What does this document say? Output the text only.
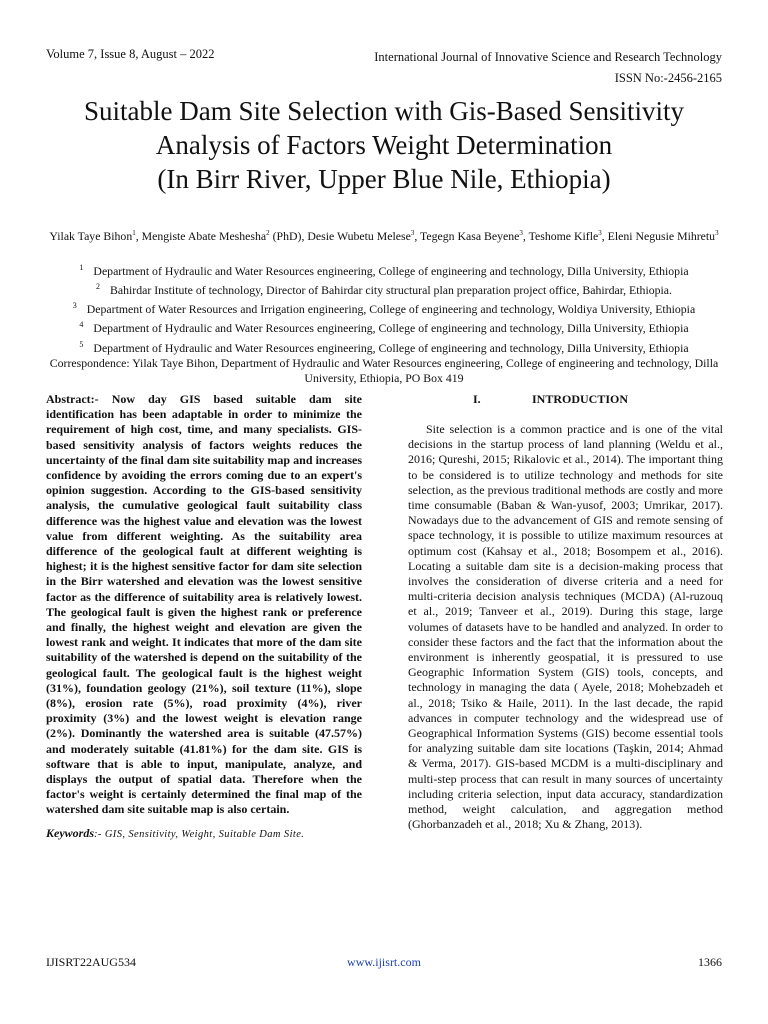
Volume 7, Issue 8, August – 2022	International Journal of Innovative Science and Research Technology
ISSN No:-2456-2165
Suitable Dam Site Selection with Gis-Based Sensitivity
Analysis of Factors Weight Determination
(In Birr River, Upper Blue Nile, Ethiopia)
Yilak Taye Bihon$^1$, Mengiste Abate Meshesha$^2$ (PhD), Desie Wubetu Melese$^3$, Tegegn Kasa Beyene$^3$, Teshome Kifle$^3$, Eleni Negusie Mihretu$^3$
$^1$ Department of Hydraulic and Water Resources engineering, College of engineering and technology, Dilla University, Ethiopia
$^2$ Bahirdar Institute of technology, Director of Bahirdar city structural plan preparation project office, Bahirdar, Ethiopia.
$^3$ Department of Water Resources and Irrigation engineering, College of engineering and technology, Woldiya University, Ethiopia
$^4$ Department of Hydraulic and Water Resources engineering, College of engineering and technology, Dilla University, Ethiopia
$^5$ Department of Hydraulic and Water Resources engineering, College of engineering and technology, Dilla University, Ethiopia
Correspondence: Yilak Taye Bihon, Department of Hydraulic and Water Resources engineering, College of engineering and technology, Dilla University, Ethiopia, PO Box 419

Abstract:- Now day GIS based suitable dam site identification has been adaptable in order to minimize the requirement of high cost, time, and many specialists. GIS-based sensitivity analysis of factors weights reduces the uncertainty of the final dam site suitability map and increases confidence by avoiding the errors coming due to an expert's opinion suggestion. According to the GIS-based sensitivity analysis, the cumulative geological fault suitability class difference was the highest value and elevation was the lowest value from different weighting. As the suitability area difference of the geological fault at different weighting is highest; it is the highest sensitive factor for dam site selection in the Birr watershed and elevation was the lowest sensitive factor as the difference of suitability area is relatively lowest. The geological fault is given the highest rank or preference and finally, the highest weight and elevation are given the lowest rank and weight. It indicates that more of the dam site suitability of the watershed is depend on the suitability of the geological fault. The geological fault is the highest weight (31%), foundation geology (21%), soil texture (11%), slope (8%), erosion rate (5%), road proximity (4%), river proximity (3%) and the lowest weight is elevation range (2%). Dominantly the watershed area is suitable (47.57%) and moderately suitable (41.81%) for the dam site. GIS is software that is able to input, manipulate, analyze, and displays the output of spatial data. Therefore when the factor's weight is certainly determined the final map of the watershed dam site suitable map is also certain.

Keywords:- GIS, Sensitivity, Weight, Suitable Dam Site.
I.	INTRODUCTION

Site selection is a common practice and is one of the vital decisions in the startup process of land planning (Weldu et al., 2016; Qureshi, 2015; Rikalovic et al., 2014). The important thing to be considered is to utilize technology and methods for site selection, as the previous traditional methods are costly and more time consumable (Baban & Wan-yusof, 2003; Umrikar, 2017). Nowadays due to the advancement of GIS and remote sensing of space technology, it is possible to utilize maximum resources at optimum cost (Kahsay et al., 2018; Bosompem et al., 2016). Locating a suitable dam site is a decision-making process that involves the consideration of diverse criteria and a need for multi-criteria decision analysis techniques (MCDA) (Al-ruzouq et al., 2019; Tanveer et al., 2019). During this stage, large volumes of datasets have to be handled and analyzed. In order to consider these factors and the fact that the information about the environment is inherently geospatial, it is pressured to use Geographic Information System (GIS) tools, concepts, and technology in managing the data ( Ayele, 2018; Mohebzadeh et al., 2018; Tsiko & Haile, 2011). In the last decade, the rapid advances in computer technology and the widespread use of Geographical Information Systems (GIS) become essential tools for analyzing suitable dam site locations (Taşkin, 2014; Ahmad & Verma, 2017). GIS-based MCDM is a multi-disciplinary and multi-step process that can result in many sources of uncertainty including criteria selection, input data accuracy, standardization method, weight calculation, and aggregation method (Ghorbanzadeh et al., 2018; Xu & Zhang, 2013).

IJISRT22AUG534	www.ijisrt.com	1366
